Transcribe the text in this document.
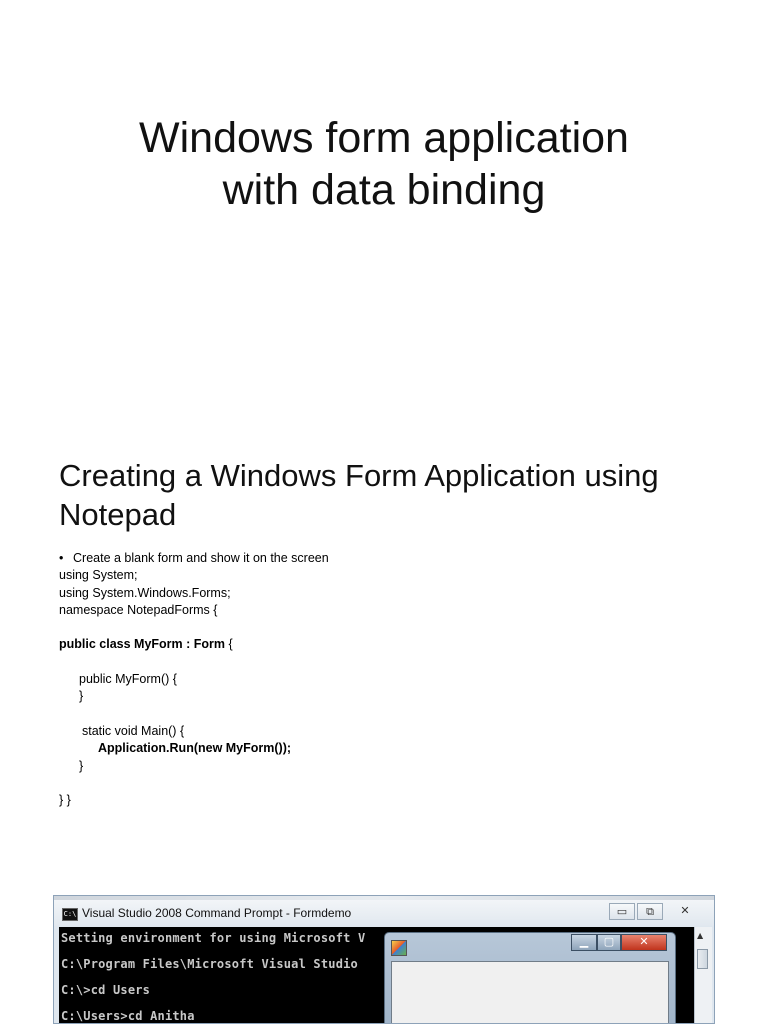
Windows form application
with data binding
Creating a Windows Form Application using
Notepad
• Create a blank form and show it on the screen
using System;
using System.Windows.Forms;
namespace NotepadForms {
public class MyForm : Form {
public MyForm() {
}
static void Main() {
Application.Run(new MyForm());
}
} }
C:\ Visual Studio 2008 Command Prompt - Formdemo	▭	⧉	✕
Setting environment for using Microsoft V
C:\Program Files\Microsoft Visual Studio
C:\>cd Users
C:\Users>cd Anitha
▲
▁	▢	✕
